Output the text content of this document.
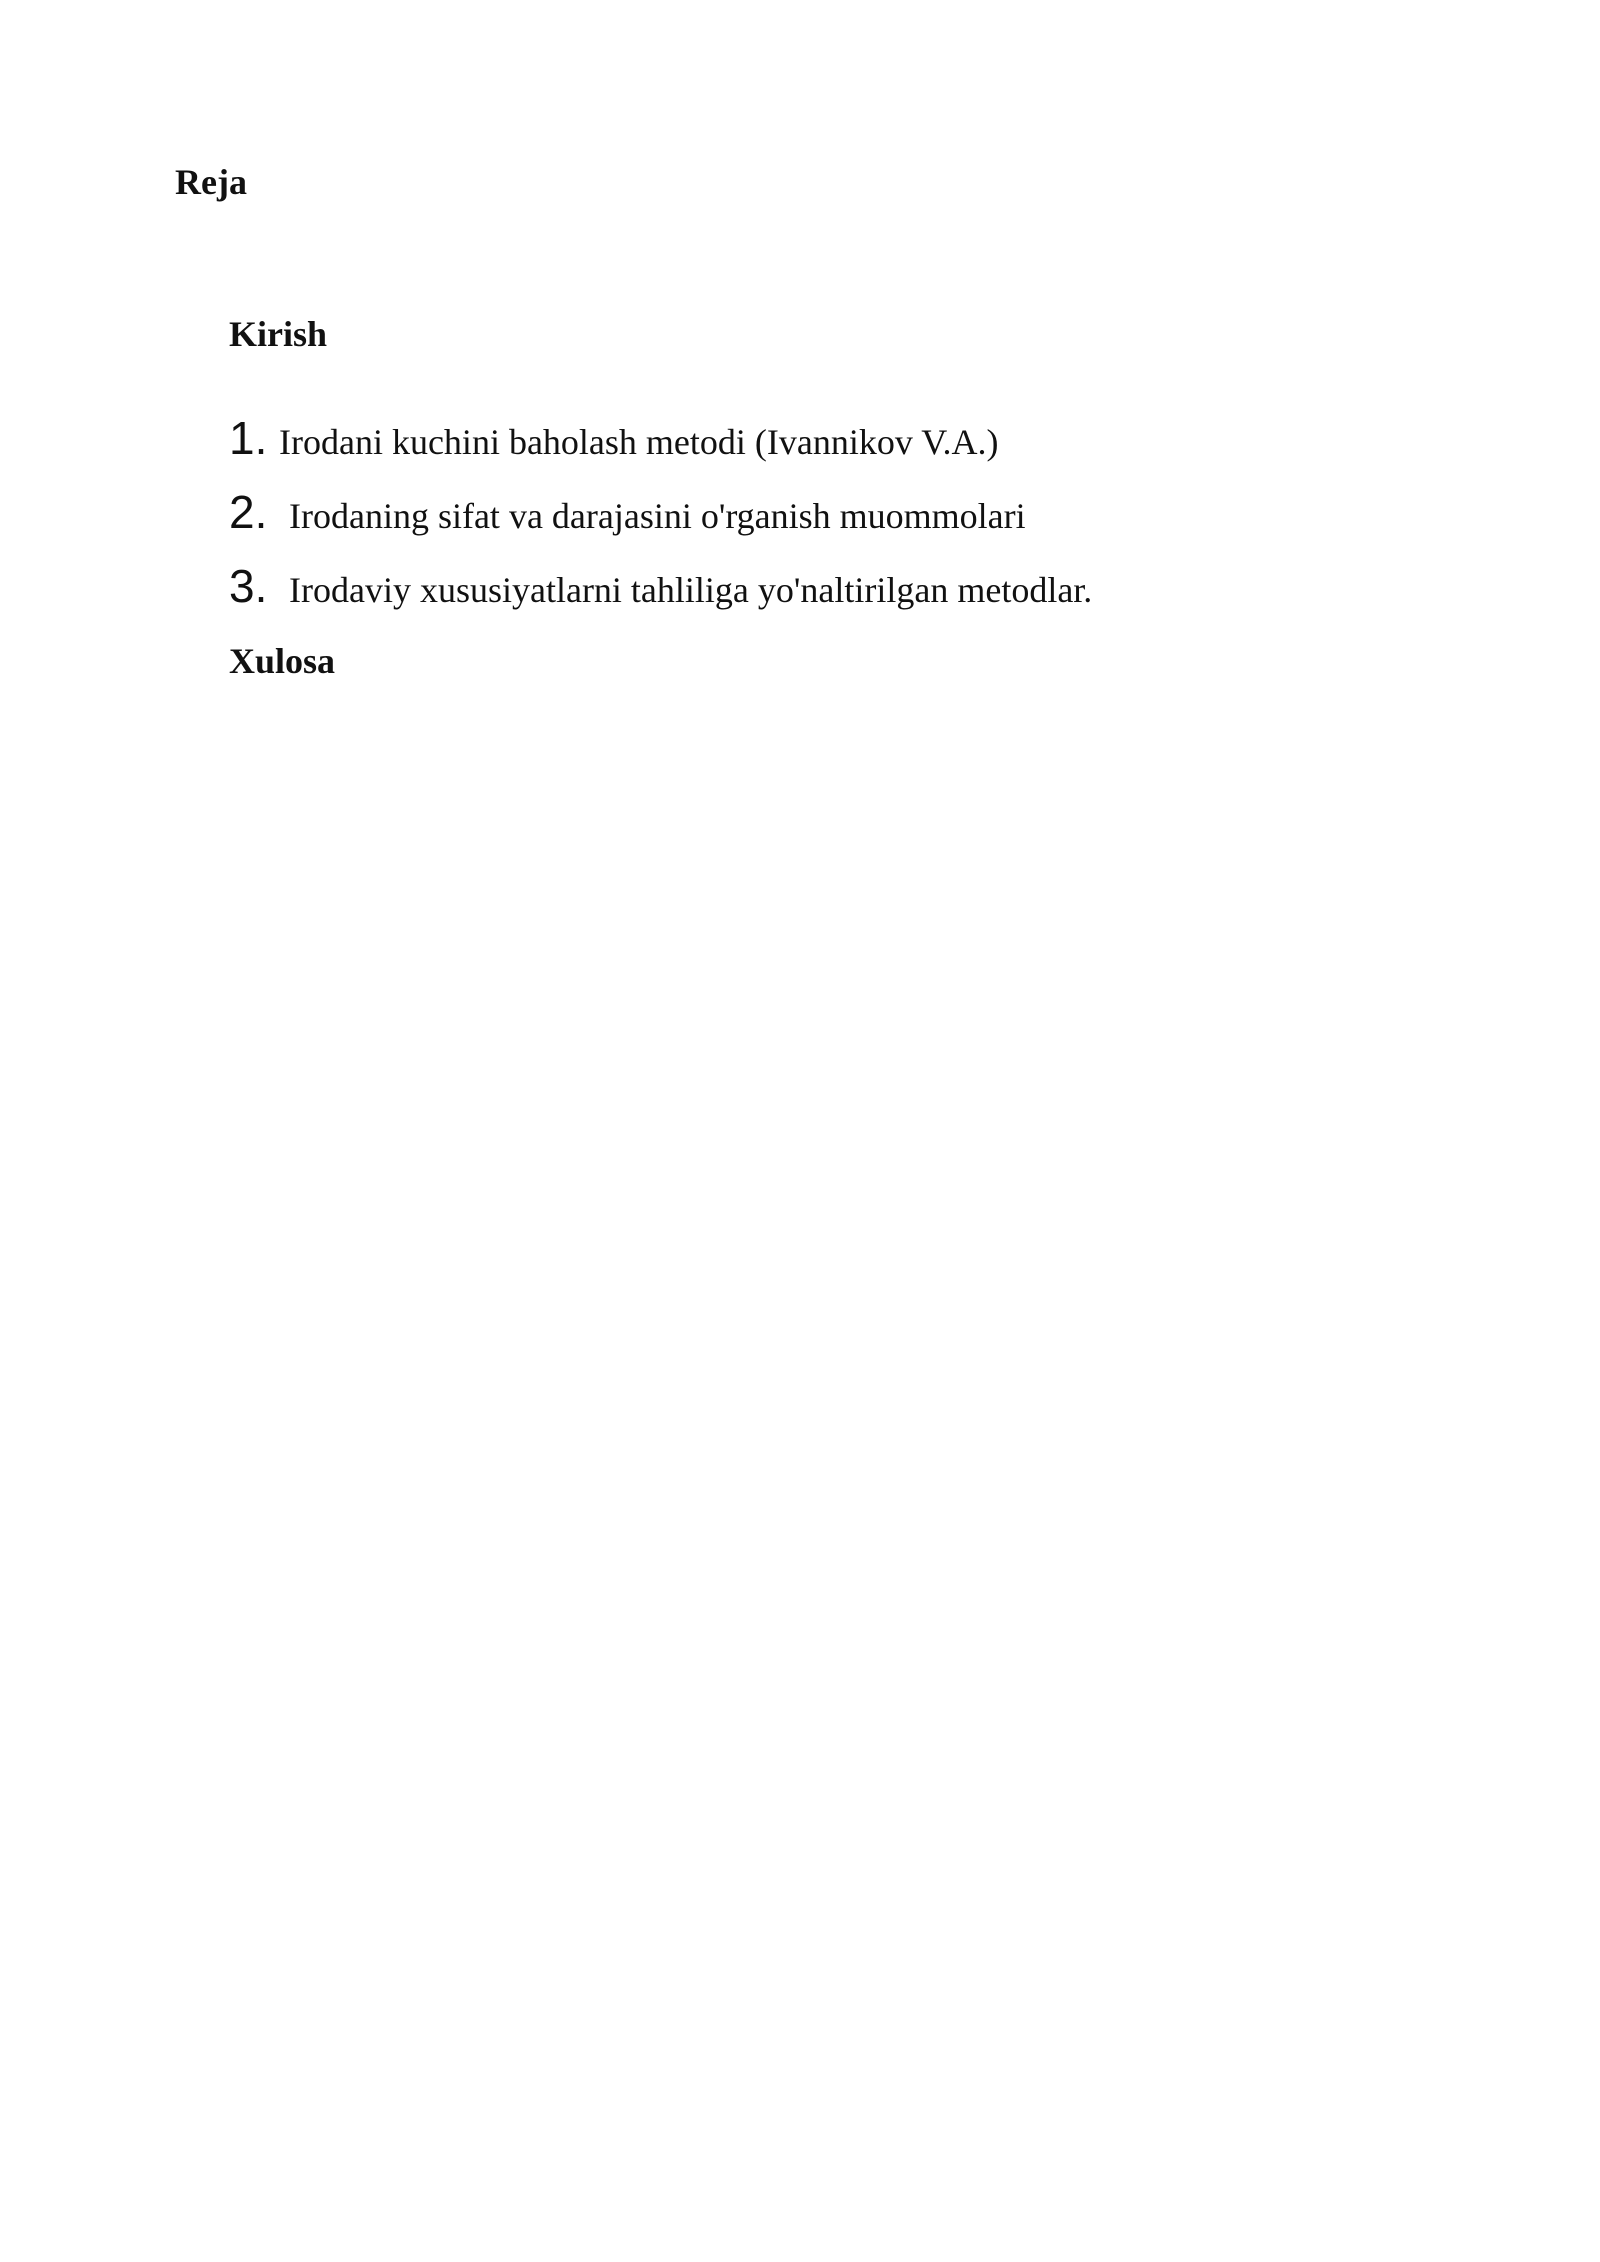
Reja
Kirish
1. Irodani kuchini baholash metodi (Ivannikov V.A.)
2. Irodaning sifat va darajasini o'rganish muommolari
3. Irodaviy xususiyatlarni tahliliga yo'naltirilgan metodlar.
Xulosa
